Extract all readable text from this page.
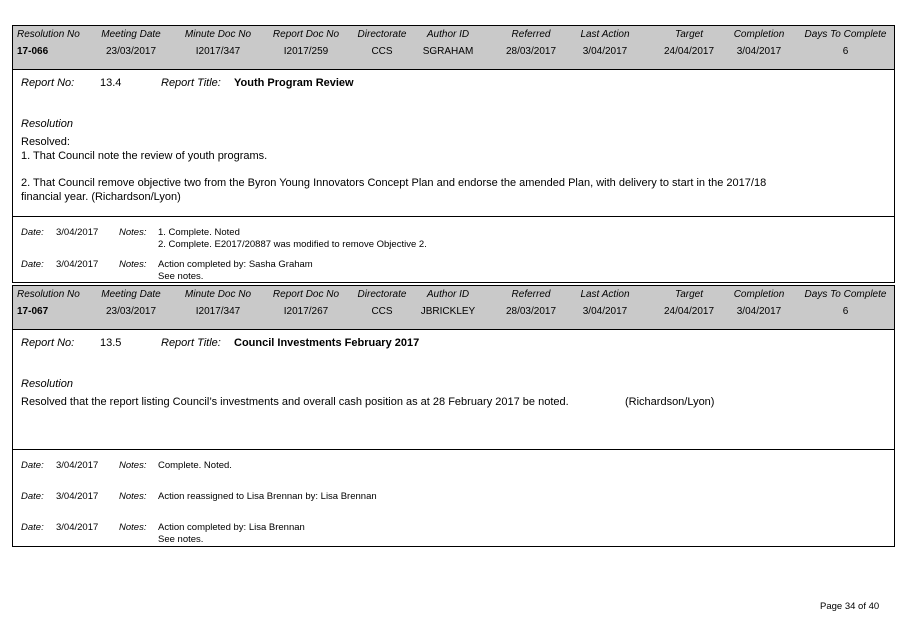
Resolution No	Meeting Date	Minute Doc No	Report Doc No	Directorate	Author ID	Referred	Last Action	Target	Completion	Days To Complete
17-066	23/03/2017	I2017/347	I2017/259	CCS	SGRAHAM	28/03/2017	3/04/2017	24/04/2017	3/04/2017	6
Report No: 13.4	Report Title: Youth Program Review
Resolution
Resolved:
1. That Council note the review of youth programs.
2. That Council remove objective two from the Byron Young Innovators Concept Plan and endorse the amended Plan, with delivery to start in the 2017/18
financial year. (Richardson/Lyon)
Date: 3/04/2017 Notes: 1. Complete. Noted
2. Complete. E2017/20887 was modified to remove Objective 2.
Date: 3/04/2017 Notes: Action completed by: Sasha Graham
See notes.
Resolution No	Meeting Date	Minute Doc No	Report Doc No	Directorate	Author ID	Referred	Last Action	Target	Completion	Days To Complete
17-067	23/03/2017	I2017/347	I2017/267	CCS	JBRICKLEY	28/03/2017	3/04/2017	24/04/2017	3/04/2017	6
Report No: 13.5	Report Title: Council Investments February 2017
Resolution
Resolved that the report listing Council’s investments and overall cash position as at 28 February 2017 be noted.	(Richardson/Lyon)
Date: 3/04/2017 Notes: Complete. Noted.
Date: 3/04/2017 Notes: Action reassigned to Lisa Brennan by: Lisa Brennan
Date: 3/04/2017 Notes: Action completed by: Lisa Brennan
See notes.
Page 34 of 40
